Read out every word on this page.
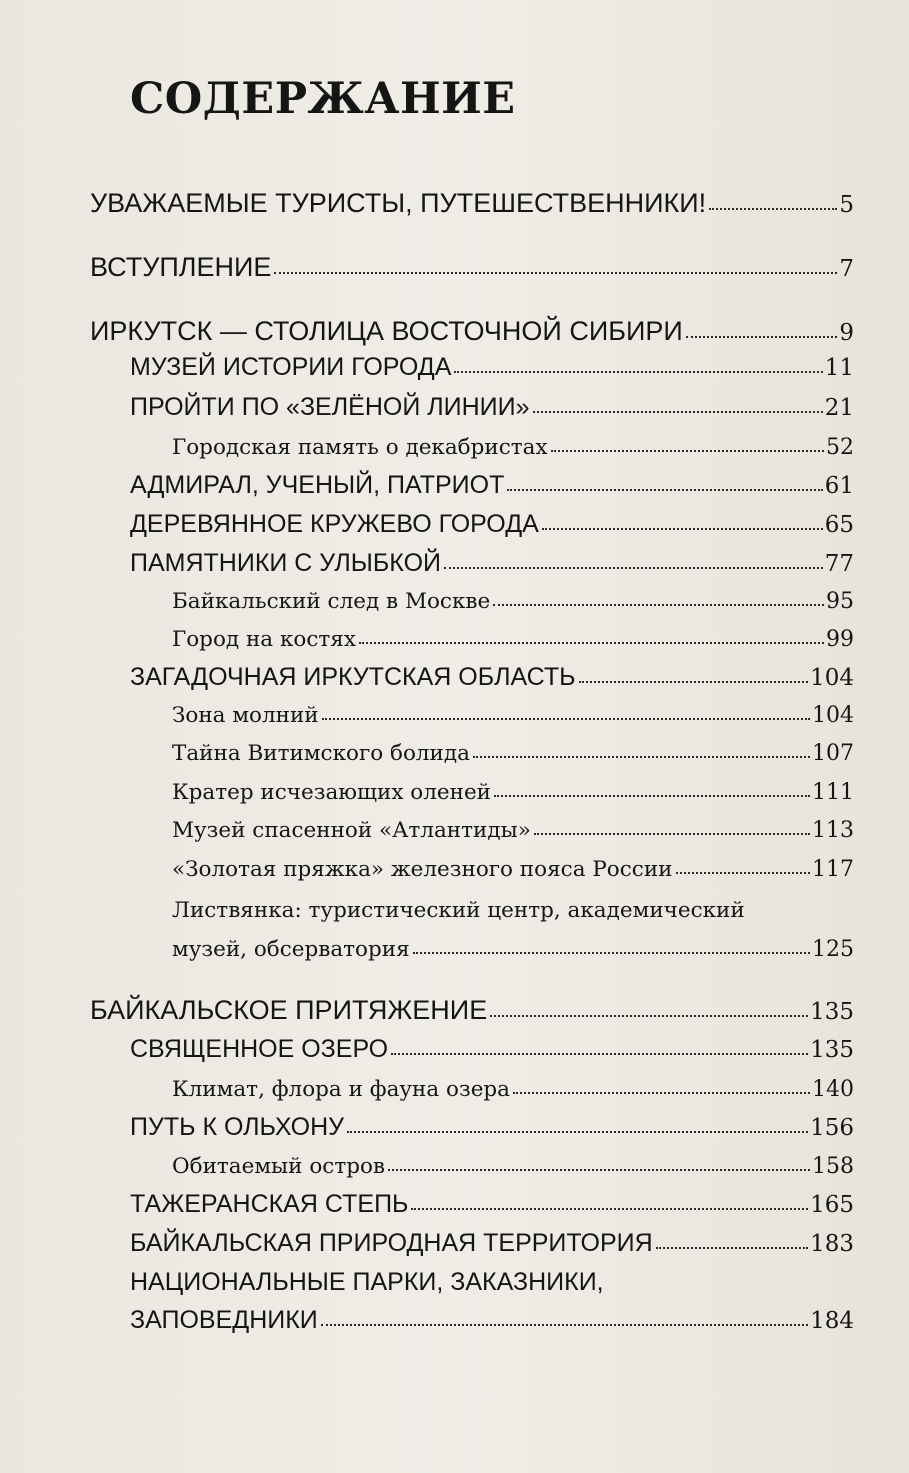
СОДЕРЖАНИЕ
УВАЖАЕМЫЕ ТУРИСТЫ, ПУТЕШЕСТВЕННИКИ!	5
ВСТУПЛЕНИЕ	7
ИРКУТСК — СТОЛИЦА ВОСТОЧНОЙ СИБИРИ	9
МУЗЕЙ ИСТОРИИ ГОРОДА	11
ПРОЙТИ ПО «ЗЕЛЁНОЙ ЛИНИИ»	21
Городская память о декабристах	52
АДМИРАЛ, УЧЕНЫЙ, ПАТРИОТ	61
ДЕРЕВЯННОЕ КРУЖЕВО ГОРОДА	65
ПАМЯТНИКИ С УЛЫБКОЙ	77
Байкальский след в Москве	95
Город на костях	99
ЗАГАДОЧНАЯ ИРКУТСКАЯ ОБЛАСТЬ	104
Зона молний	104
Тайна Витимского болида	107
Кратер исчезающих оленей	111
Музей спасенной «Атлантиды»	113
«Золотая пряжка» железного пояса России	117
Листвянка: туристический центр, академический
музей, обсерватория	125
БАЙКАЛЬСКОЕ ПРИТЯЖЕНИЕ	135
СВЯЩЕННОЕ ОЗЕРО	135
Климат, флора и фауна озера	140
ПУТЬ К ОЛЬХОНУ	156
Обитаемый остров	158
ТАЖЕРАНСКАЯ СТЕПЬ	165
БАЙКАЛЬСКАЯ ПРИРОДНАЯ ТЕРРИТОРИЯ	183
НАЦИОНАЛЬНЫЕ ПАРКИ, ЗАКАЗНИКИ,
ЗАПОВЕДНИКИ	184
